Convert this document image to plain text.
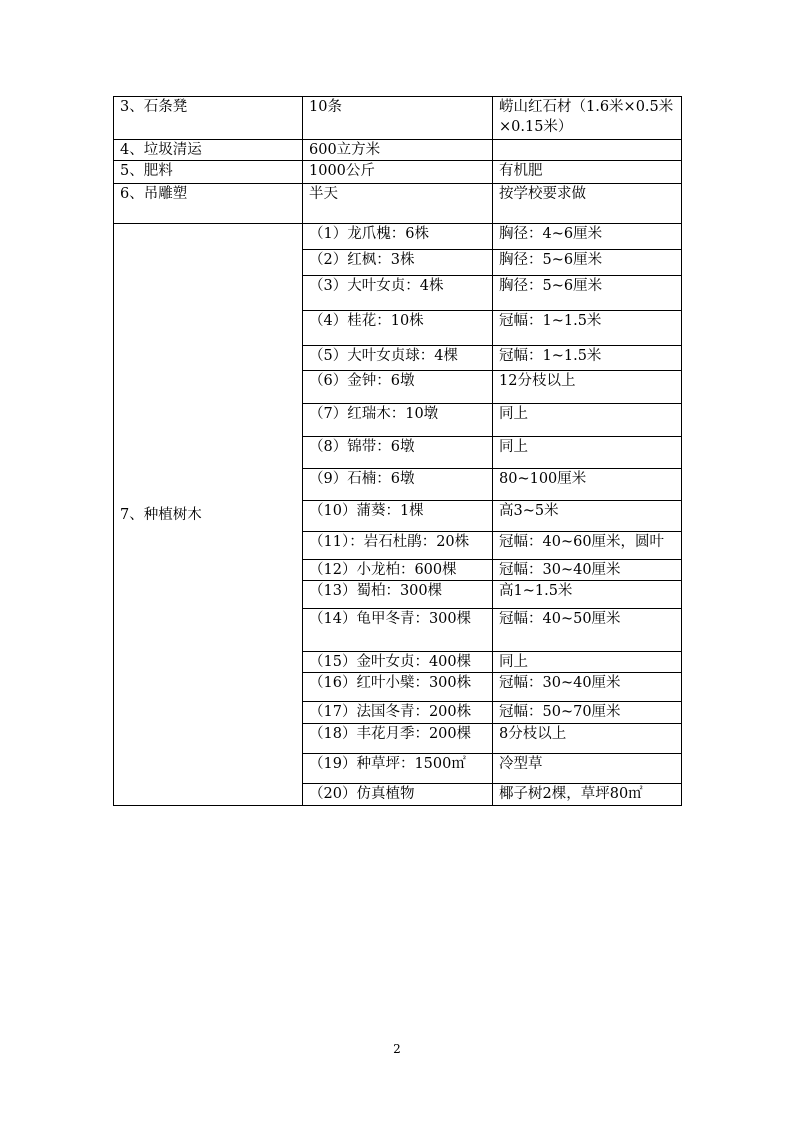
3、石条凳	10条	崂山红石材（1.6米×0.5米×0.15米）
4、垃圾清运	600立方米	
5、肥料	1000公斤	有机肥
6、吊雕塑	半天	按学校要求做
7、种植树木	（1）龙爪槐：6株	胸径：4~6厘米
	（2）红枫：3株	胸径：5~6厘米
	（3）大叶女贞：4株	胸径：5~6厘米
	（4）桂花：10株	冠幅：1~1.5米
	（5）大叶女贞球：4棵	冠幅：1~1.5米
	（6）金钟：6墩	12分枝以上
	（7）红瑞木：10墩	同上
	（8）锦带：6墩	同上
	（9）石楠：6墩	80~100厘米
	（10）蒲葵：1棵	高3~5米
	（11）：岩石杜鹃：20株	冠幅：40~60厘米，圆叶
	（12）小龙柏：600棵	冠幅：30~40厘米
	（13）蜀柏：300棵	高1~1.5米
	（14）龟甲冬青：300棵	冠幅：40~50厘米
	（15）金叶女贞：400棵	同上
	（16）红叶小檗：300株	冠幅：30~40厘米
	（17）法国冬青：200株	冠幅：50~70厘米
	（18）丰花月季：200棵	8分枝以上
	（19）种草坪：1500㎡	冷型草
	（20）仿真植物	椰子树2棵，草坪80㎡
2
